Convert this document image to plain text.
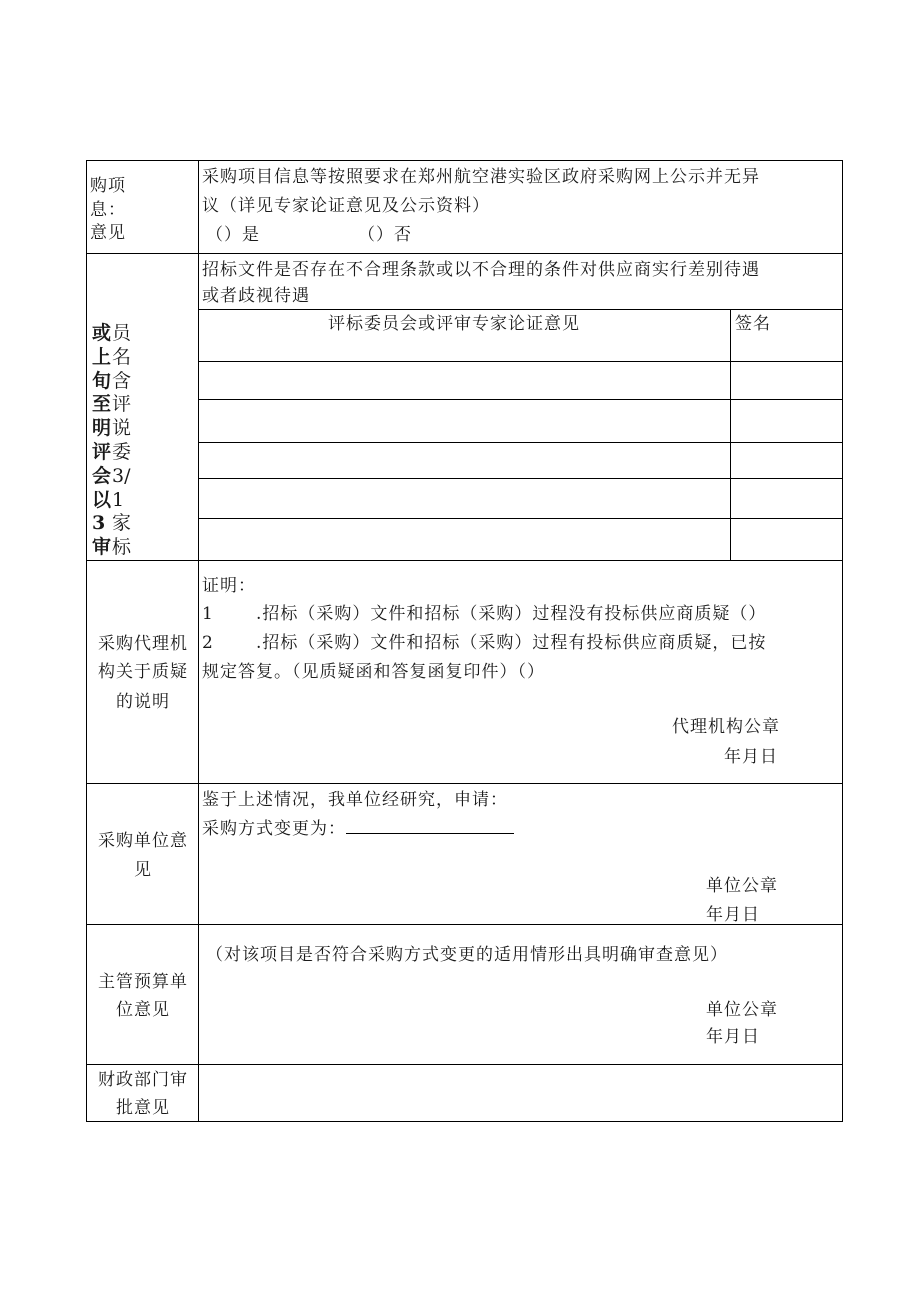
购项
息：
意见
采购项目信息等按照要求在郑州航空港实验区政府采购网上公示并无异
议（详见专家论证意见及公示资料）
（）是	（）否
或上旬至明评会以3审
员名含评说委3/1家标
招标文件是否存在不合理条款或以不合理的条件对供应商实行差别待遇
或者歧视待遇
评标委员会或评审专家论证意见	签名
采购代理机
构关于质疑
的说明
证明：
1 .招标（采购）文件和招标（采购）过程没有投标供应商质疑（）
2 .招标（采购）文件和招标（采购）过程有投标供应商质疑，已按
规定答复。（见质疑函和答复函复印件）（）
代理机构公章
年月日
采购单位意
见
鉴于上述情况，我单位经研究，申请：
采购方式变更为：
单位公章
年月日
主管预算单
位意见
（对该项目是否符合采购方式变更的适用情形出具明确审查意见）
单位公章
年月日
财政部门审
批意见
